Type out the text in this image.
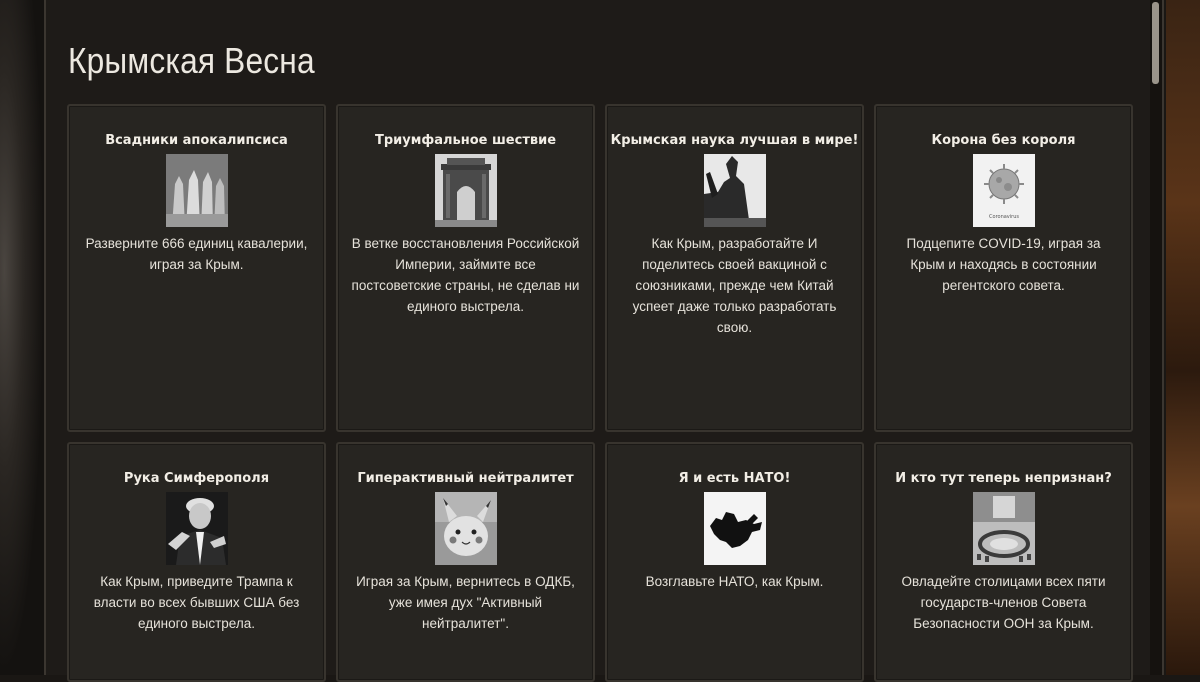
Крымская Весна
Всадники апокалипсиса
Разверните 666 единиц кавалерии, играя за Крым.
Триумфальное шествие
В ветке восстановления Российской Империи, займите все постсоветские страны, не сделав ни единого выстрела.
Крымская наука лучшая в мире!
Как Крым, разработайте И поделитесь своей вакциной с союзниками, прежде чем Китай успеет даже только разработать свою.
Корона без короля
Coronavirus
Подцепите COVID-19, играя за Крым и находясь в состоянии регентского совета.
Рука Симферополя
Как Крым, приведите Трампа к власти во всех бывших США без единого выстрела.
Гиперактивный нейтралитет
Играя за Крым, вернитесь в ОДКБ, уже имея дух "Активный нейтралитет".
Я и есть НАТО!
Возглавьте НАТО, как Крым.
И кто тут теперь непризнан?
Овладейте столицами всех пяти государств-членов Совета Безопасности ООН за Крым.
